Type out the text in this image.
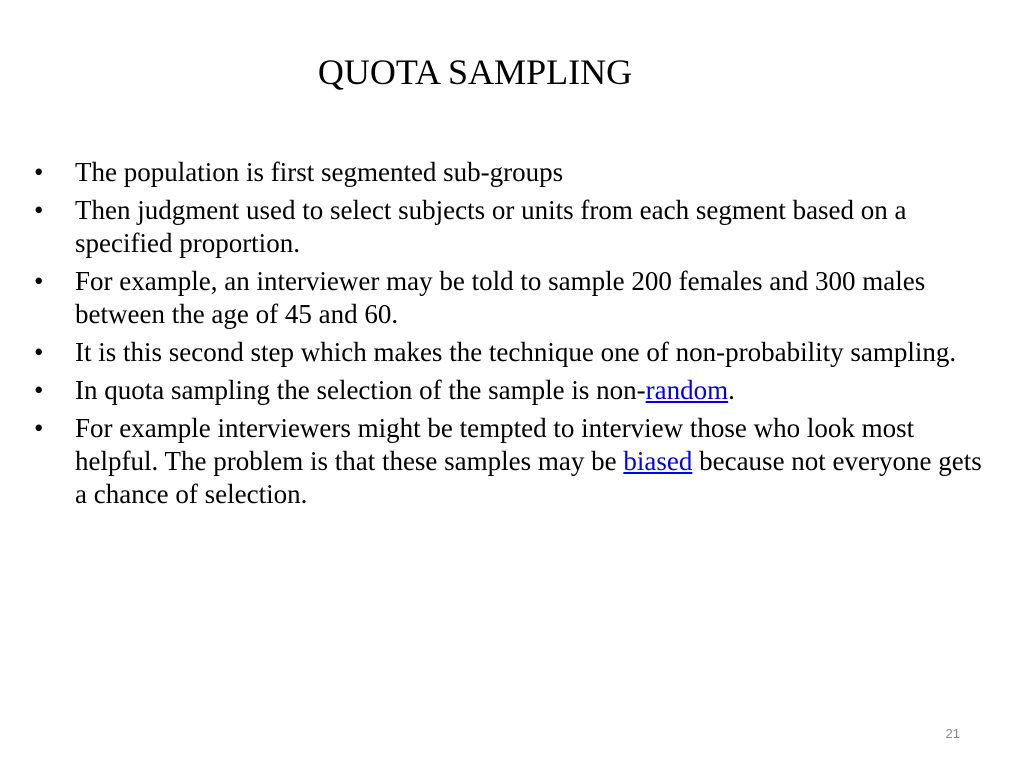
QUOTA SAMPLING
•	The population is first segmented sub-groups
•	Then judgment used to select subjects or units from each segment based on a specified proportion.
•	For example, an interviewer may be told to sample 200 females and 300 males between the age of 45 and 60.
•	It is this second step which makes the technique one of non-probability sampling.
•	In quota sampling the selection of the sample is non-random.
•	For example interviewers might be tempted to interview those who look most helpful. The problem is that these samples may be biased because not everyone gets a chance of selection.
21
